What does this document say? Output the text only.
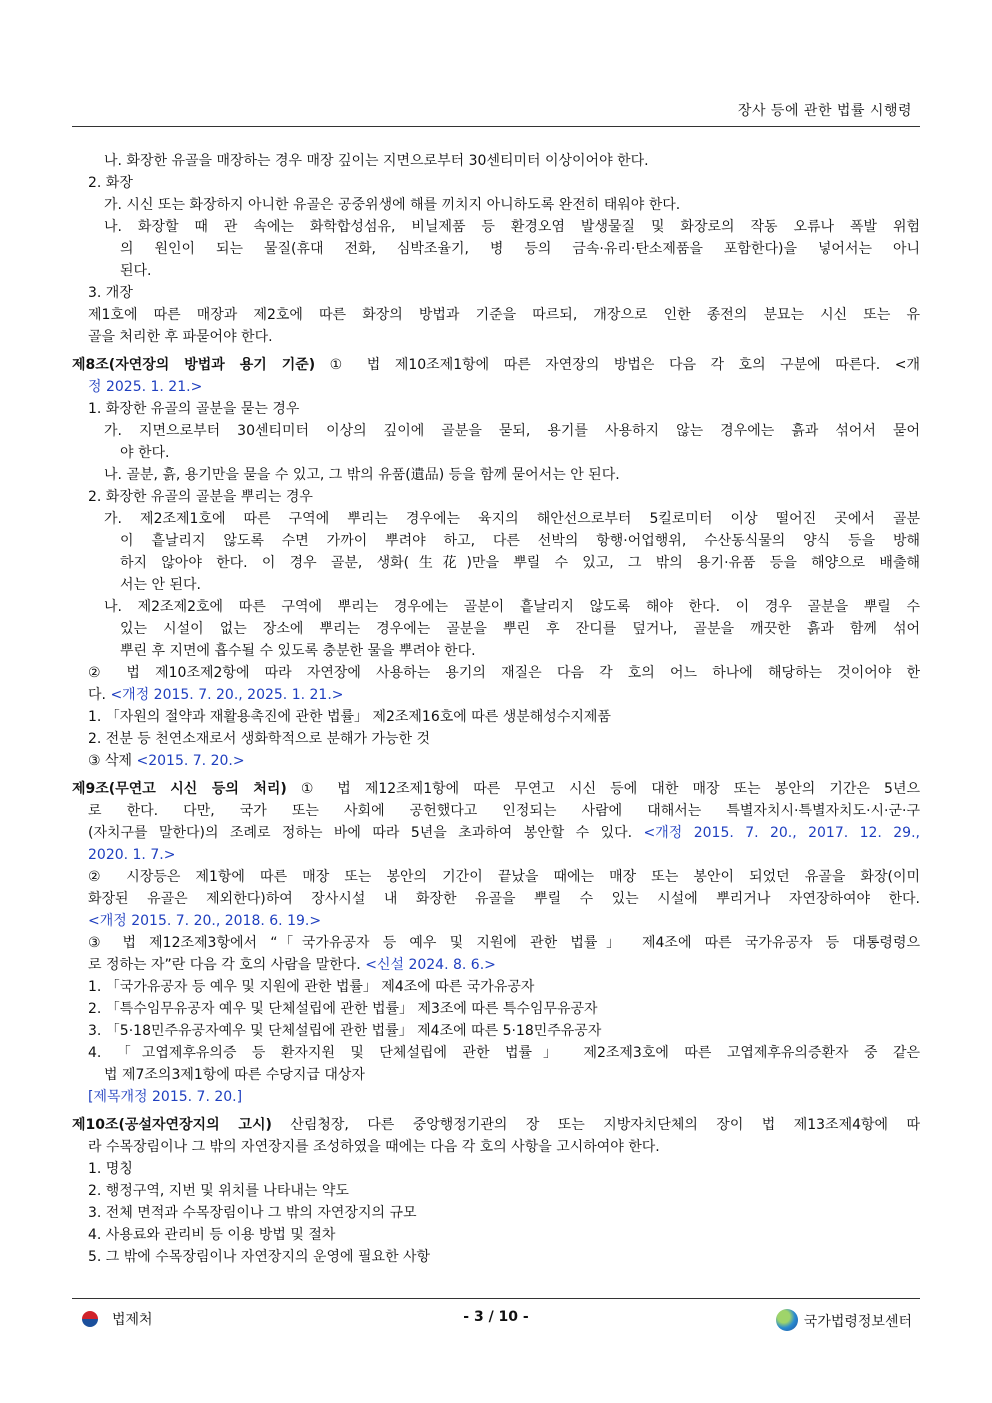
장사 등에 관한 법률 시행령
나. 화장한 유골을 매장하는 경우 매장 깊이는 지면으로부터 30센티미터 이상이어야 한다.
2. 화장
가. 시신 또는 화장하지 아니한 유골은 공중위생에 해를 끼치지 아니하도록 완전히 태워야 한다.
나. 화장할 때 관 속에는 화학합성섬유, 비닐제품 등 환경오염 발생물질 및 화장로의 작동 오류나 폭발 위험
의 원인이 되는 물질(휴대 전화, 심박조율기, 병 등의 금속·유리·탄소제품을 포함한다)을 넣어서는 아니
된다.
3. 개장
제1호에 따른 매장과 제2호에 따른 화장의 방법과 기준을 따르되, 개장으로 인한 종전의 분묘는 시신 또는 유
골을 처리한 후 파묻어야 한다.
제8조(자연장의 방법과 용기 기준) ① 법 제10조제1항에 따른 자연장의 방법은 다음 각 호의 구분에 따른다. <개
정 2025. 1. 21.>
1. 화장한 유골의 골분을 묻는 경우
가. 지면으로부터 30센티미터 이상의 깊이에 골분을 묻되, 용기를 사용하지 않는 경우에는 흙과 섞어서 묻어
야 한다.
나. 골분, 흙, 용기만을 묻을 수 있고, 그 밖의 유품(遺品) 등을 함께 묻어서는 안 된다.
2. 화장한 유골의 골분을 뿌리는 경우
가. 제2조제1호에 따른 구역에 뿌리는 경우에는 육지의 해안선으로부터 5킬로미터 이상 떨어진 곳에서 골분
이 흩날리지 않도록 수면 가까이 뿌려야 하고, 다른 선박의 항행·어업행위, 수산동식물의 양식 등을 방해
하지 않아야 한다. 이 경우 골분, 생화(生花)만을 뿌릴 수 있고, 그 밖의 용기·유품 등을 해양으로 배출해
서는 안 된다.
나. 제2조제2호에 따른 구역에 뿌리는 경우에는 골분이 흩날리지 않도록 해야 한다. 이 경우 골분을 뿌릴 수
있는 시설이 없는 장소에 뿌리는 경우에는 골분을 뿌린 후 잔디를 덮거나, 골분을 깨끗한 흙과 함께 섞어
뿌린 후 지면에 흡수될 수 있도록 충분한 물을 뿌려야 한다.
② 법 제10조제2항에 따라 자연장에 사용하는 용기의 재질은 다음 각 호의 어느 하나에 해당하는 것이어야 한
다. <개정 2015. 7. 20., 2025. 1. 21.>
1. 「자원의 절약과 재활용촉진에 관한 법률」 제2조제16호에 따른 생분해성수지제품
2. 전분 등 천연소재로서 생화학적으로 분해가 가능한 것
③ 삭제 <2015. 7. 20.>
제9조(무연고 시신 등의 처리) ① 법 제12조제1항에 따른 무연고 시신 등에 대한 매장 또는 봉안의 기간은 5년으
로 한다. 다만, 국가 또는 사회에 공헌했다고 인정되는 사람에 대해서는 특별자치시·특별자치도·시·군·구
(자치구를 말한다)의 조례로 정하는 바에 따라 5년을 초과하여 봉안할 수 있다. <개정 2015. 7. 20., 2017. 12. 29.,
2020. 1. 7.>
② 시장등은 제1항에 따른 매장 또는 봉안의 기간이 끝났을 때에는 매장 또는 봉안이 되었던 유골을 화장(이미
화장된 유골은 제외한다)하여 장사시설 내 화장한 유골을 뿌릴 수 있는 시설에 뿌리거나 자연장하여야 한다.
<개정 2015. 7. 20., 2018. 6. 19.>
③ 법 제12조제3항에서 “「국가유공자 등 예우 및 지원에 관한 법률」 제4조에 따른 국가유공자 등 대통령령으
로 정하는 자”란 다음 각 호의 사람을 말한다. <신설 2024. 8. 6.>
1. 「국가유공자 등 예우 및 지원에 관한 법률」 제4조에 따른 국가유공자
2. 「특수임무유공자 예우 및 단체설립에 관한 법률」 제3조에 따른 특수임무유공자
3. 「5·18민주유공자예우 및 단체설립에 관한 법률」 제4조에 따른 5·18민주유공자
4. 「고엽제후유의증 등 환자지원 및 단체설립에 관한 법률」 제2조제3호에 따른 고엽제후유의증환자 중 같은
법 제7조의3제1항에 따른 수당지급 대상자
[제목개정 2015. 7. 20.]
제10조(공설자연장지의 고시) 산림청장, 다른 중앙행정기관의 장 또는 지방자치단체의 장이 법 제13조제4항에 따
라 수목장림이나 그 밖의 자연장지를 조성하였을 때에는 다음 각 호의 사항을 고시하여야 한다.
1. 명칭
2. 행정구역, 지번 및 위치를 나타내는 약도
3. 전체 면적과 수목장림이나 그 밖의 자연장지의 규모
4. 사용료와 관리비 등 이용 방법 및 절차
5. 그 밖에 수목장림이나 자연장지의 운영에 필요한 사항
법제처	- 3 / 10 -	국가법령정보센터
